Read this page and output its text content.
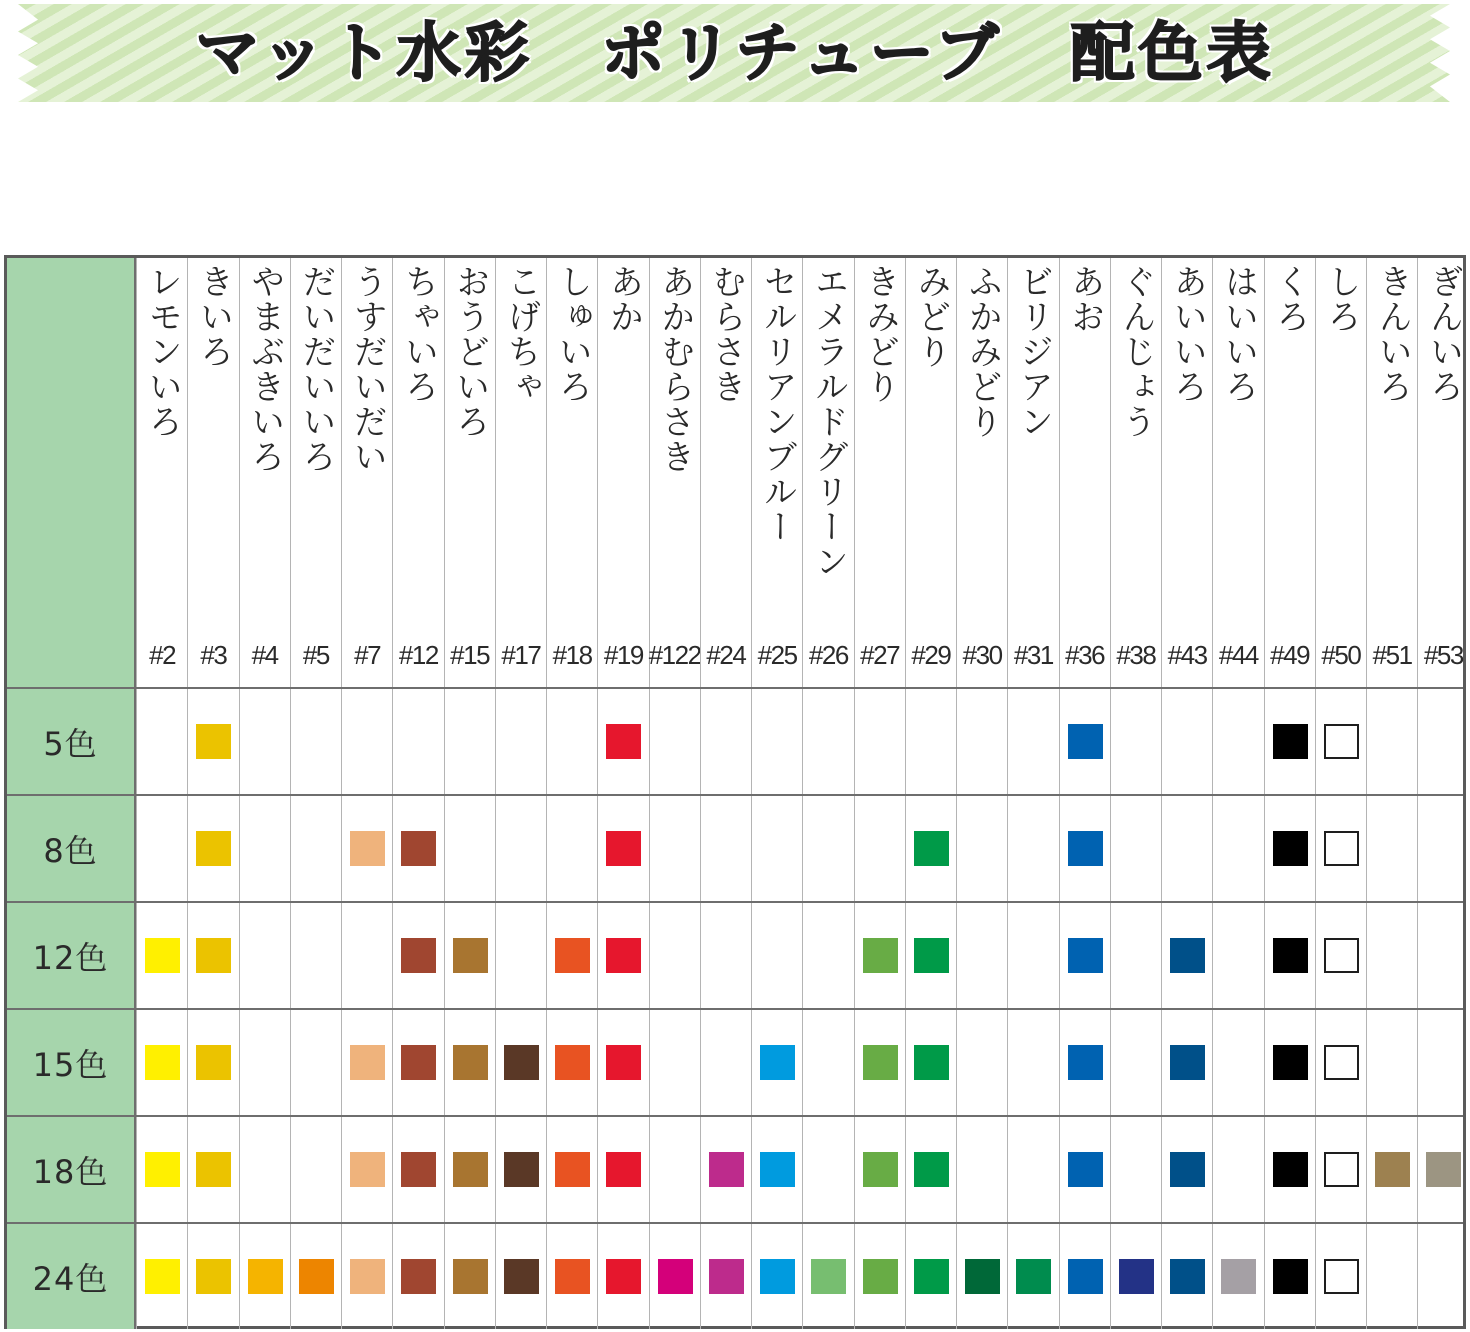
マット水彩　ポリチューブ　配色表
レモンいろ
#2
きいろ
#3
やまぶきいろ
#4
だいだいいろ
#5
うすだいだい
#7
ちゃいろ
#12
おうどいろ
#15
こげちゃ
#17
しゅいろ
#18
あか
#19
あかむらさき
#122
むらさき
#24
セルリアンブルー
#25
エメラルドグリーン
#26
きみどり
#27
みどり
#29
ふかみどり
#30
ビリジアン
#31
あお
#36
ぐんじょう
#38
あいいろ
#43
はいいろ
#44
くろ
#49
しろ
#50
きんいろ
#51
ぎんいろ
#53
5色
8色
12色
15色
18色
24色
